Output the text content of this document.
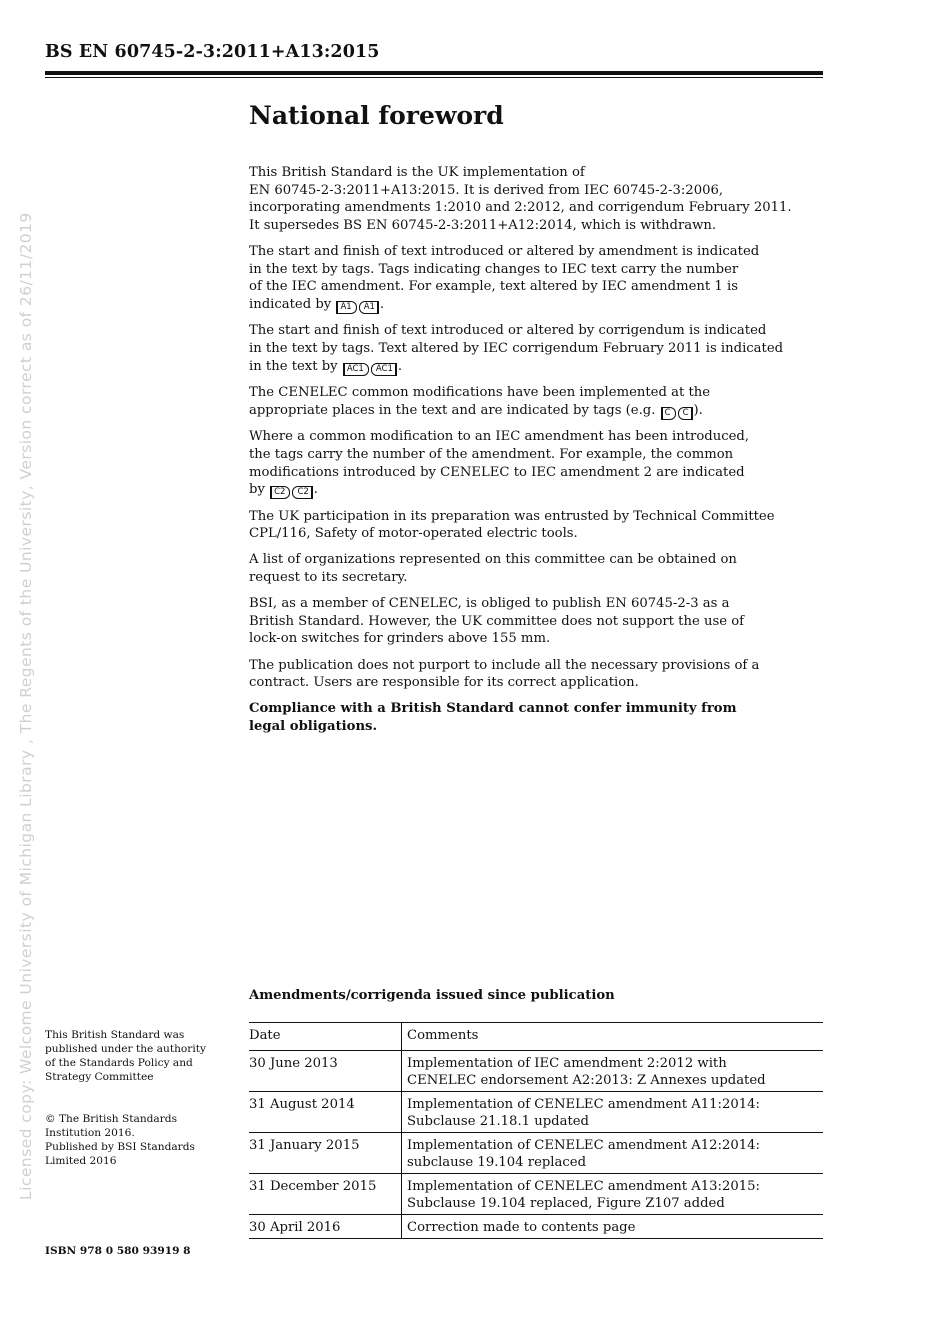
BS EN 60745-2-3:2011+A13:2015
Licensed copy: Welcome University of Michigan Library , The Regents of the University, Version correct as of 26/11/2019
National foreword

This British Standard is the UK implementation of
EN 60745-2-3:2011+A13:2015. It is derived from IEC 60745-2-3:2006,
incorporating amendments 1:2010 and 2:2012, and corrigendum February 2011.
It supersedes BS EN 60745-2-3:2011+A12:2014, which is withdrawn.

The start and finish of text introduced or altered by amendment is indicated
in the text by tags. Tags indicating changes to IEC text carry the number
of the IEC amendment. For example, text altered by IEC amendment 1 is
indicated by A1 A1 .

The start and finish of text introduced or altered by corrigendum is indicated
in the text by tags. Text altered by IEC corrigendum February 2011 is indicated
in the text by AC1 AC1 .

The CENELEC common modifications have been implemented at the
appropriate places in the text and are indicated by tags (e.g. C C ).

Where a common modification to an IEC amendment has been introduced,
the tags carry the number of the amendment. For example, the common
modifications introduced by CENELEC to IEC amendment 2 are indicated
by C2 C2 .

The UK participation in its preparation was entrusted by Technical Committee
CPL/116, Safety of motor-operated electric tools.

A list of organizations represented on this committee can be obtained on
request to its secretary.

BSI, as a member of CENELEC, is obliged to publish EN 60745-2-3 as a
British Standard. However, the UK committee does not support the use of
lock-on switches for grinders above 155 mm.

The publication does not purport to include all the necessary provisions of a
contract. Users are responsible for its correct application.

Compliance with a British Standard cannot confer immunity from
legal obligations.

Amendments/corrigenda issued since publication
Date	Comments
30 June 2013	Implementation of IEC amendment 2:2012 with
CENELEC endorsement A2:2013: Z Annexes updated
31 August 2014	Implementation of CENELEC amendment A11:2014:
Subclause 21.18.1 updated
31 January 2015	Implementation of CENELEC amendment A12:2014:
subclause 19.104 replaced
31 December 2015	Implementation of CENELEC amendment A13:2015:
Subclause 19.104 replaced, Figure Z107 added
30 April 2016	Correction made to contents page
This British Standard was
published under the authority
of the Standards Policy and
Strategy Committee
© The British Standards
Institution 2016.
Published by BSI Standards
Limited 2016
ISBN 978 0 580 93919 8
